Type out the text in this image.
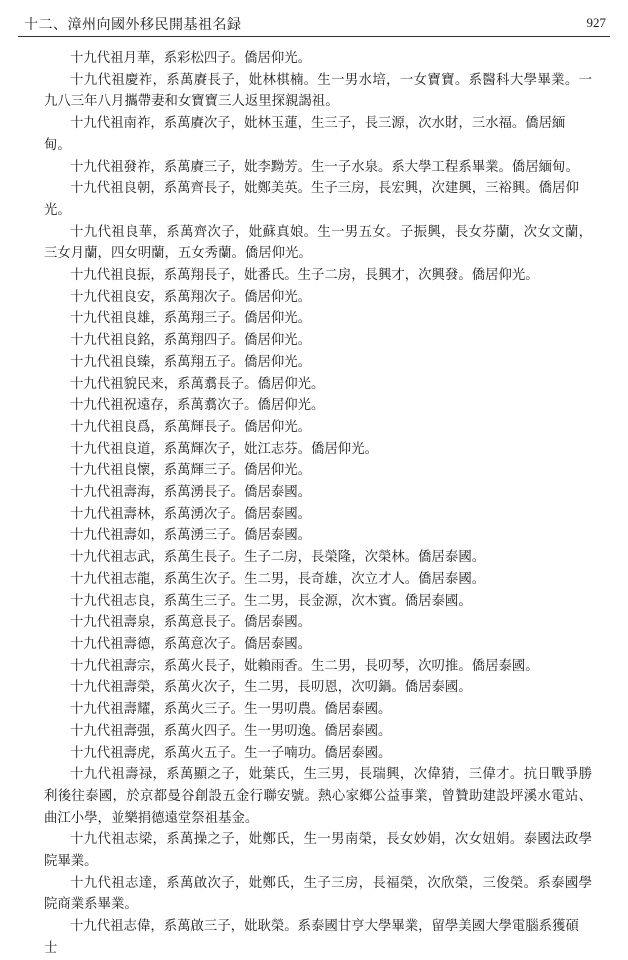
十二、漳州向國外移民開基祖名録	927

十九代祖月華，系彩松四子。僑居仰光。

十九代祖慶祚，系萬賡長子，妣林棋楠。生一男水培，一女寶寶。系醫科大學畢業。一九八三年八月攜帶妻和女寶寶三人返里探親謁祖。

十九代祖南祚，系萬賡次子，妣林玉蓮，生三子，長三源，次水財，三水福。僑居緬甸。

十九代祖發祚，系萬賡三子，妣李黝芳。生一子水泉。系大學工程系畢業。僑居緬甸。

十九代祖良朝，系萬齊長子，妣鄭美英。生子三房，長宏興，次建興，三裕興。僑居仰光。

十九代祖良華，系萬齊次子，妣蘇真娘。生一男五女。子振興，長女芬蘭，次女文蘭，三女月蘭，四女明蘭，五女秀蘭。僑居仰光。

十九代祖良振，系萬翔長子，妣番氏。生子二房，長興才，次興發。僑居仰光。

十九代祖良安，系萬翔次子。僑居仰光。

十九代祖良雄，系萬翔三子。僑居仰光。

十九代祖良銘，系萬翔四子。僑居仰光。

十九代祖良臻，系萬翔五子。僑居仰光。

十九代祖貌民来，系萬翥長子。僑居仰光。

十九代祖祝遠存，系萬翥次子。僑居仰光。

十九代祖良爲，系萬輝長子。僑居仰光。

十九代祖良道，系萬輝次子，妣江志芬。僑居仰光。

十九代祖良懷，系萬輝三子。僑居仰光。

十九代祖壽海，系萬湧長子。僑居泰國。

十九代祖壽林，系萬湧次子。僑居泰國。

十九代祖壽如，系萬湧三子。僑居泰國。

十九代祖志武，系萬生長子。生子二房，長榮隆，次榮林。僑居泰國。

十九代祖志龍，系萬生次子。生二男，長奇雄，次立才人。僑居泰國。

十九代祖志良，系萬生三子。生二男，長金源，次木賓。僑居泰國。

十九代祖壽泉，系萬意長子。僑居泰國。

十九代祖壽德，系萬意次子。僑居泰國。

十九代祖壽宗，系萬火長子，妣賴雨香。生二男，長叨琴，次叨推。僑居泰國。

十九代祖壽榮，系萬火次子，生二男，長叨恩，次叨鍋。僑居泰國。

十九代祖壽耀，系萬火三子。生一男叨農。僑居泰國。

十九代祖壽强，系萬火四子。生一男叨逸。僑居泰國。

十九代祖壽虎，系萬火五子。生一子喃功。僑居泰國。

十九代祖壽禄，系萬顯之子，妣葉氏，生三男，長瑞興，次偉猜，三偉才。抗日戰爭勝利後往泰國，於京都曼谷創設五金行聯安號。熱心家鄉公益事業，曾贊助建設坪溪水電站、曲江小學，並樂捐德遠堂祭祖基金。

十九代祖志梁，系萬操之子，妣鄭氏，生一男南榮，長女妙娟，次女妞娟。泰國法政學院畢業。

十九代祖志達，系萬啟次子，妣鄭氏，生子三房，長福榮，次欣榮，三俊榮。系泰國學院商業系畢業。

十九代祖志偉，系萬啟三子，妣耿榮。系泰國甘亨大學畢業，留學美國大學電腦系獲碩士
